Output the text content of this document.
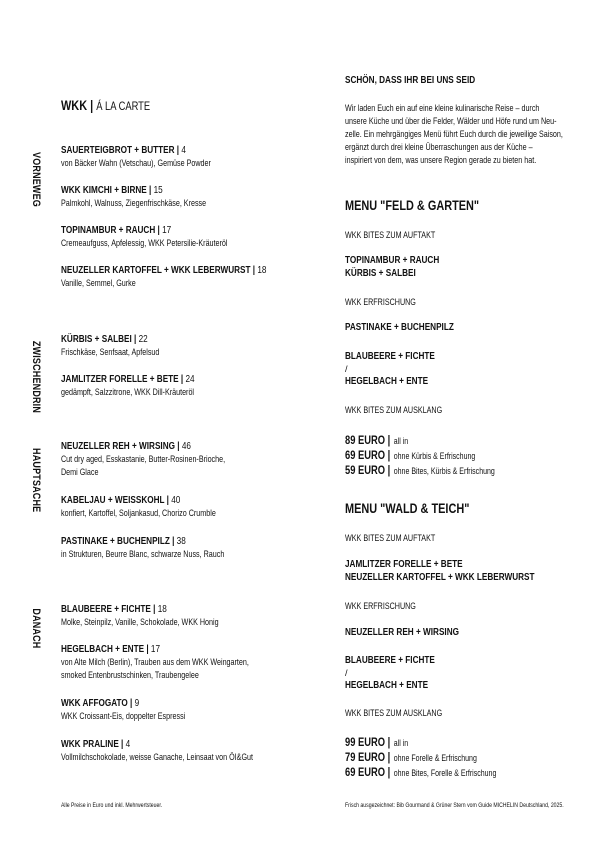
WKK | Á LA CARTE
VORNEWEG
ZWISCHENDRIN
HAUPTSACHE
DANACH
SAUERTEIGBROT + BUTTER | 4
von Bäcker Wahn (Vetschau), Gemüse Powder
WKK KIMCHI + BIRNE | 15
Palmkohl, Walnuss, Ziegenfrischkäse, Kresse
TOPINAMBUR + RAUCH | 17
Cremeaufguss, Apfelessig, WKK Petersilie-Kräuteröl
NEUZELLER KARTOFFEL + WKK LEBERWURST | 18
Vanille, Semmel, Gurke
KÜRBIS + SALBEI | 22
Frischkäse, Senfsaat, Apfelsud
JAMLITZER FORELLE + BETE | 24
gedämpft, Salzzitrone, WKK Dill-Kräuteröl
NEUZELLER REH + WIRSING | 46
Cut dry aged, Esskastanie, Butter-Rosinen-Brioche,
Demi Glace
KABELJAU + WEISSKOHL | 40
konfiert, Kartoffel, Soljankasud, Chorizo Crumble
PASTINAKE + BUCHENPILZ | 38
in Strukturen, Beurre Blanc, schwarze Nuss, Rauch
BLAUBEERE + FICHTE | 18
Molke, Steinpilz, Vanille, Schokolade, WKK Honig
HEGELBACH + ENTE | 17
von Alte Milch (Berlin), Trauben aus dem WKK Weingarten,
smoked Entenbrustschinken, Traubengelee
WKK AFFOGATO | 9
WKK Croissant-Eis, doppelter Espressi
WKK PRALINE | 4
Vollmilchschokolade, weisse Ganache, Leinsaat von ÖI&Gut
Alle Preise in Euro und inkl. Mehrwertsteuer.
SCHÖN, DASS IHR BEI UNS SEID
Wir laden Euch ein auf eine kleine kulinarische Reise – durch
unsere Küche und über die Felder, Wälder und Höfe rund um Neu-
zelle. Ein mehrgängiges Menü führt Euch durch die jeweilige Saison,
ergänzt durch drei kleine Überraschungen aus der Küche –
inspiriert von dem, was unsere Region gerade zu bieten hat.
MENU "FELD & GARTEN"
WKK BITES ZUM AUFTAKT
TOPINAMBUR + RAUCH
KÜRBIS + SALBEI
WKK ERFRISCHUNG
PASTINAKE + BUCHENPILZ
BLAUBEERE + FICHTE
/
HEGELBACH + ENTE
WKK BITES ZUM AUSKLANG
89 EURO | all in
69 EURO | ohne Kürbis & Erfrischung
59 EURO | ohne Bites, Kürbis & Erfrischung
MENU "WALD & TEICH"
WKK BITES ZUM AUFTAKT
JAMLITZER FORELLE + BETE
NEUZELLER KARTOFFEL + WKK LEBERWURST
WKK ERFRISCHUNG
NEUZELLER REH + WIRSING
BLAUBEERE + FICHTE
/
HEGELBACH + ENTE
WKK BITES ZUM AUSKLANG
99 EURO | all in
79 EURO | ohne Forelle & Erfrischung
69 EURO | ohne Bites, Forelle & Erfrischung
Frisch ausgezeichnet: Bib Gourmand & Grüner Stern vom Guide MICHELIN Deutschland, 2025.
